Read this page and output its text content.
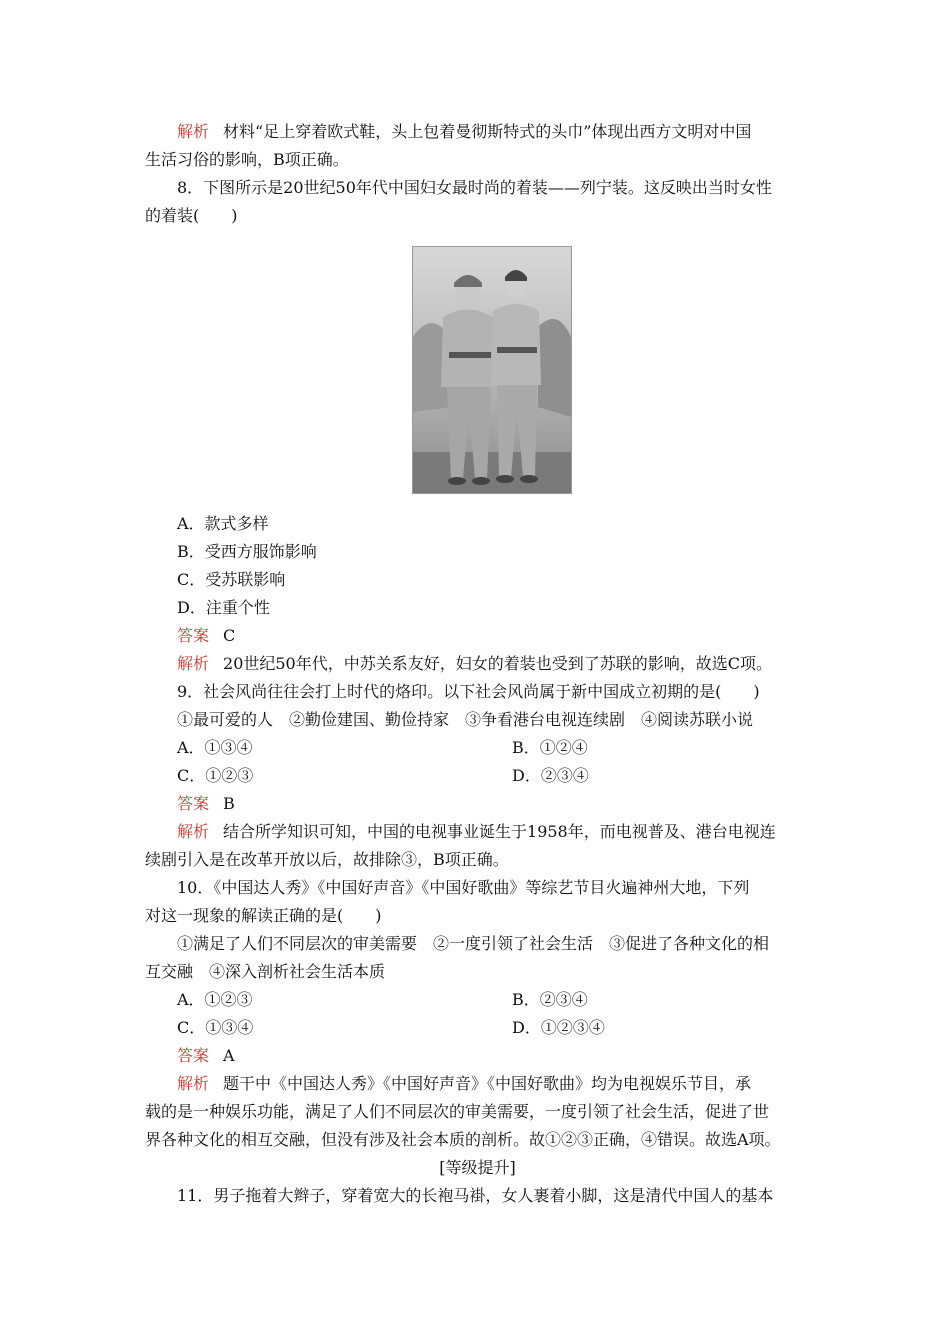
解析 材料“足上穿着欧式鞋，头上包着曼彻斯特式的头巾”体现出西方文明对中国
生活习俗的影响，B项正确。
8．下图所示是20世纪50年代中国妇女最时尚的着装——列宁装。这反映出当时女性
的着装(　　)
A．款式多样
B．受西方服饰影响
C．受苏联影响
D．注重个性
答案 C
解析 20世纪50年代，中苏关系友好，妇女的着装也受到了苏联的影响，故选C项。
9．社会风尚往往会打上时代的烙印。以下社会风尚属于新中国成立初期的是(　　)
①最可爱的人　②勤俭建国、勤俭持家　③争看港台电视连续剧　④阅读苏联小说
A．①③④	B．①②④
C．①②③	D．②③④
答案 B
解析 结合所学知识可知，中国的电视事业诞生于1958年，而电视普及、港台电视连
续剧引入是在改革开放以后，故排除③，B项正确。
10．《中国达人秀》《中国好声音》《中国好歌曲》等综艺节目火遍神州大地，下列
对这一现象的解读正确的是(　　)
①满足了人们不同层次的审美需要　②一度引领了社会生活　③促进了各种文化的相
互交融　④深入剖析社会生活本质
A．①②③	B．②③④
C．①③④	D．①②③④
答案 A
解析 题干中《中国达人秀》《中国好声音》《中国好歌曲》均为电视娱乐节目，承
载的是一种娱乐功能，满足了人们不同层次的审美需要，一度引领了社会生活，促进了世
界各种文化的相互交融，但没有涉及社会本质的剖析。故①②③正确，④错误。故选A项。
[等级提升]
11．男子拖着大辫子，穿着宽大的长袍马褂，女人裹着小脚，这是清代中国人的基本
